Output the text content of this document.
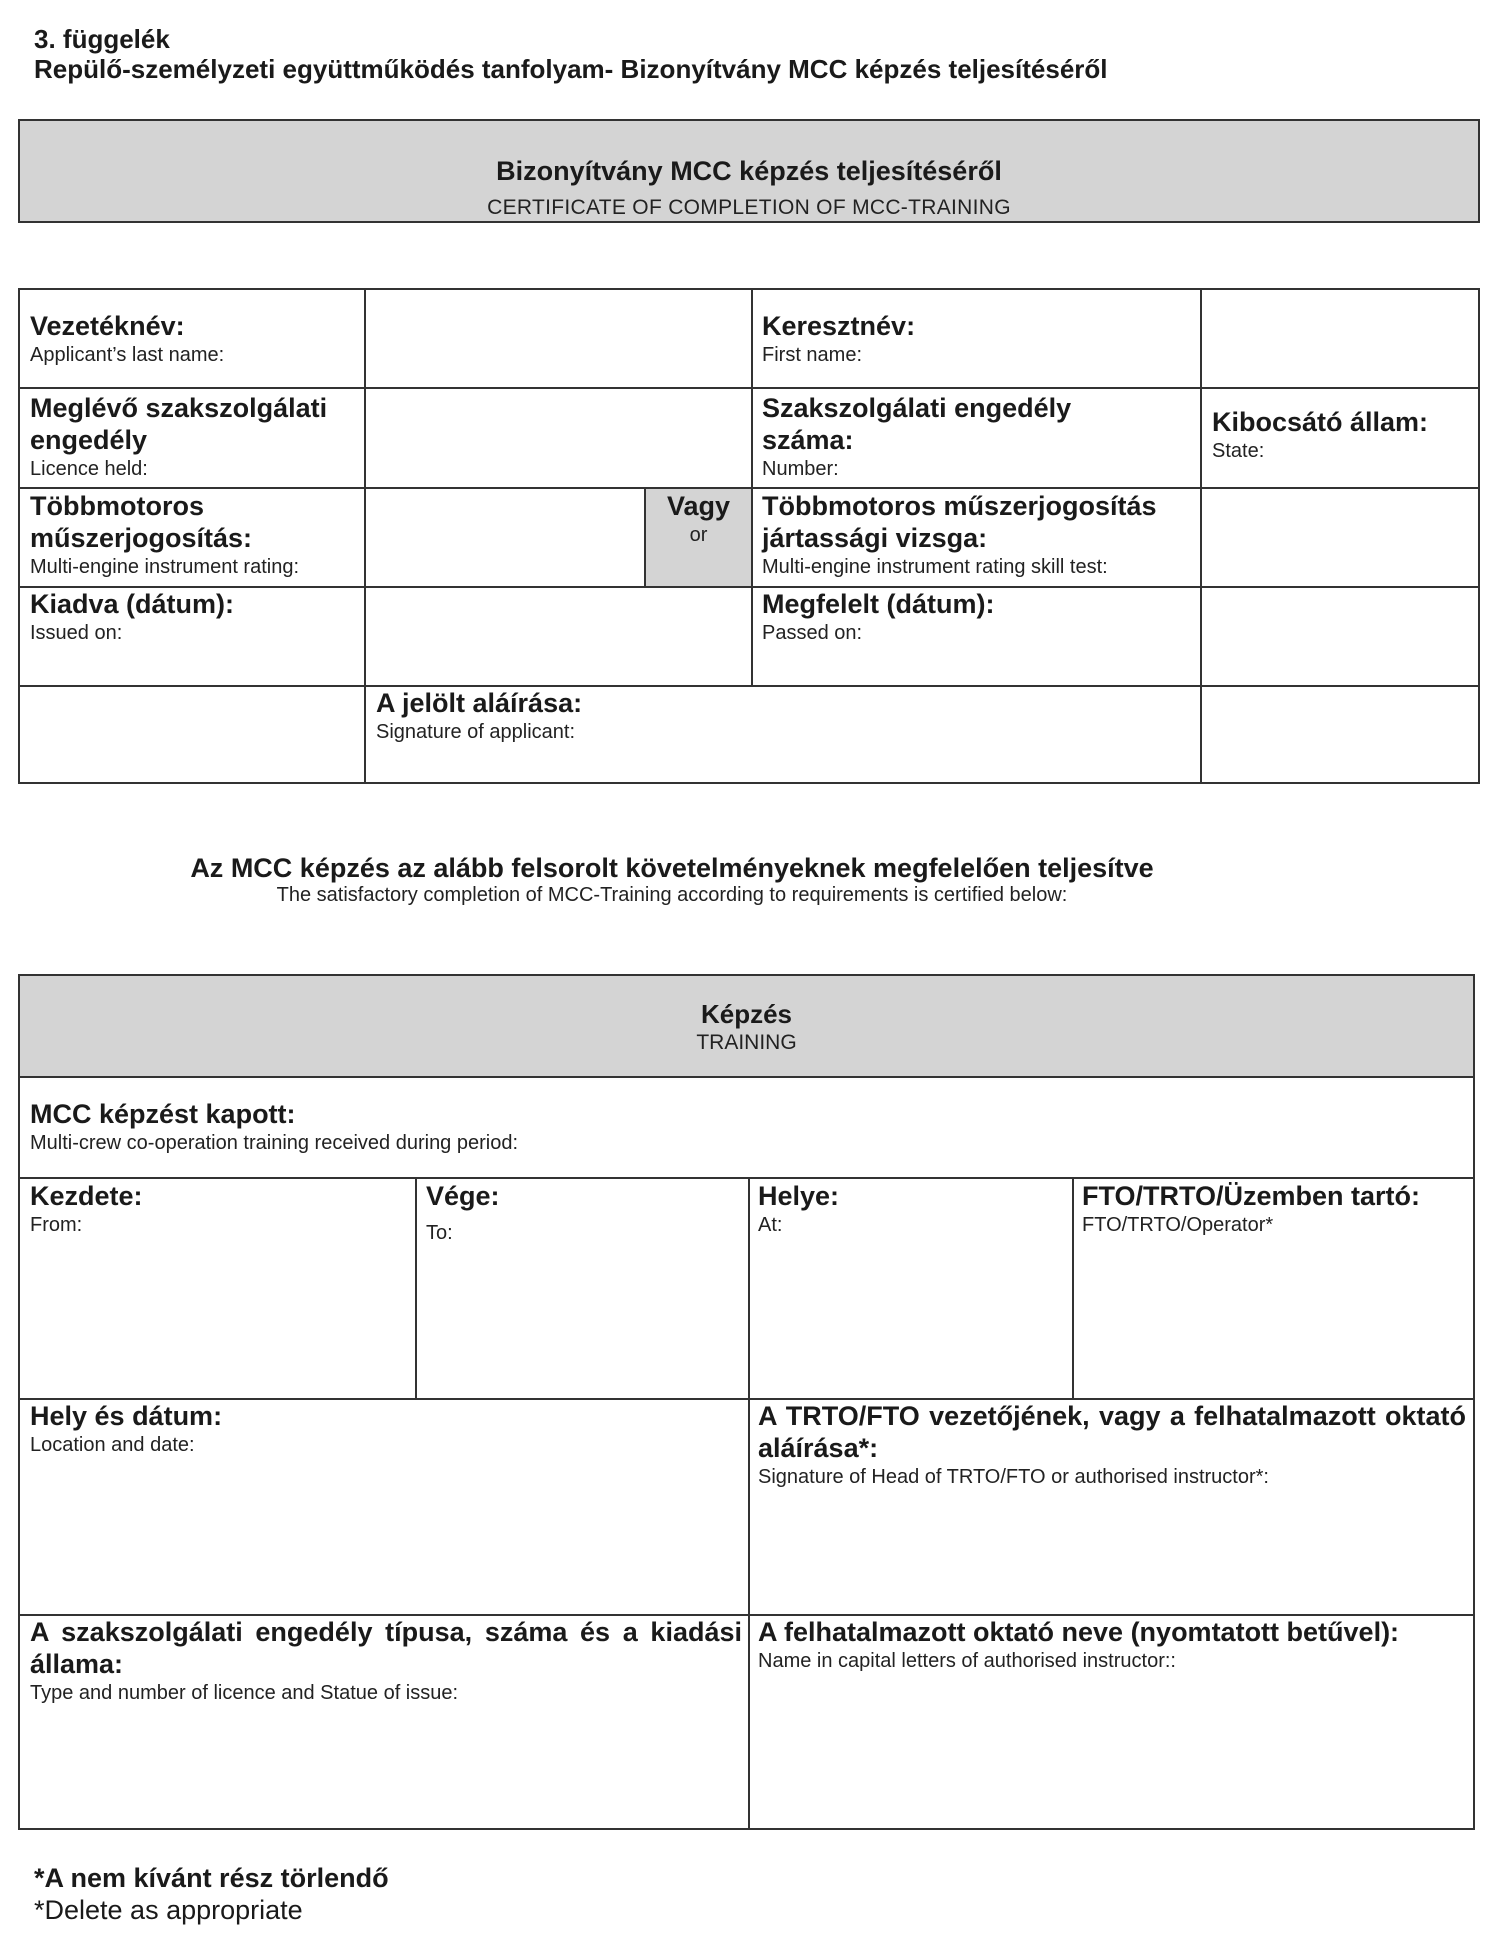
3. függelék
Repülő-személyzeti együttműködés tanfolyam- Bizonyítvány MCC képzés teljesítéséről
Bizonyítvány MCC képzés teljesítéséről
CERTIFICATE OF COMPLETION OF MCC-TRAINING
Vezetéknév:
Applicant’s last name:
Keresztnév:
First name:
Meglévő szakszolgálati engedély
Licence held:
Szakszolgálati engedély száma:
Number:
Kibocsátó állam:
State:
Többmotoros műszerjogosítás:
Multi-engine instrument rating:
Vagy
or
Többmotoros műszerjogosítás jártassági vizsga:
Multi-engine instrument rating skill test:
Kiadva (dátum):
Issued on:
Megfelelt (dátum):
Passed on:
A jelölt aláírása:
Signature of applicant:
Az MCC képzés az alább felsorolt követelményeknek megfelelően teljesítve
The satisfactory completion of MCC-Training according to requirements is certified below:
Képzés
TRAINING
MCC képzést kapott:
Multi-crew co-operation training received during period:
Kezdete:
From:
Vége:
To:
Helye:
At:
FTO/TRTO/Üzemben tartó:
FTO/TRTO/Operator*
Hely és dátum:
Location and date:
A TRTO/FTO vezetőjének, vagy a felhatalmazott oktató aláírása*:
Signature of Head of TRTO/FTO or authorised instructor*:
A szakszolgálati engedély típusa, száma és a kiadási állama:
Type and number of licence and Statue of issue:
A felhatalmazott oktató neve (nyomtatott betűvel):
Name in capital letters of authorised instructor::
*A nem kívánt rész törlendő
*Delete as appropriate
